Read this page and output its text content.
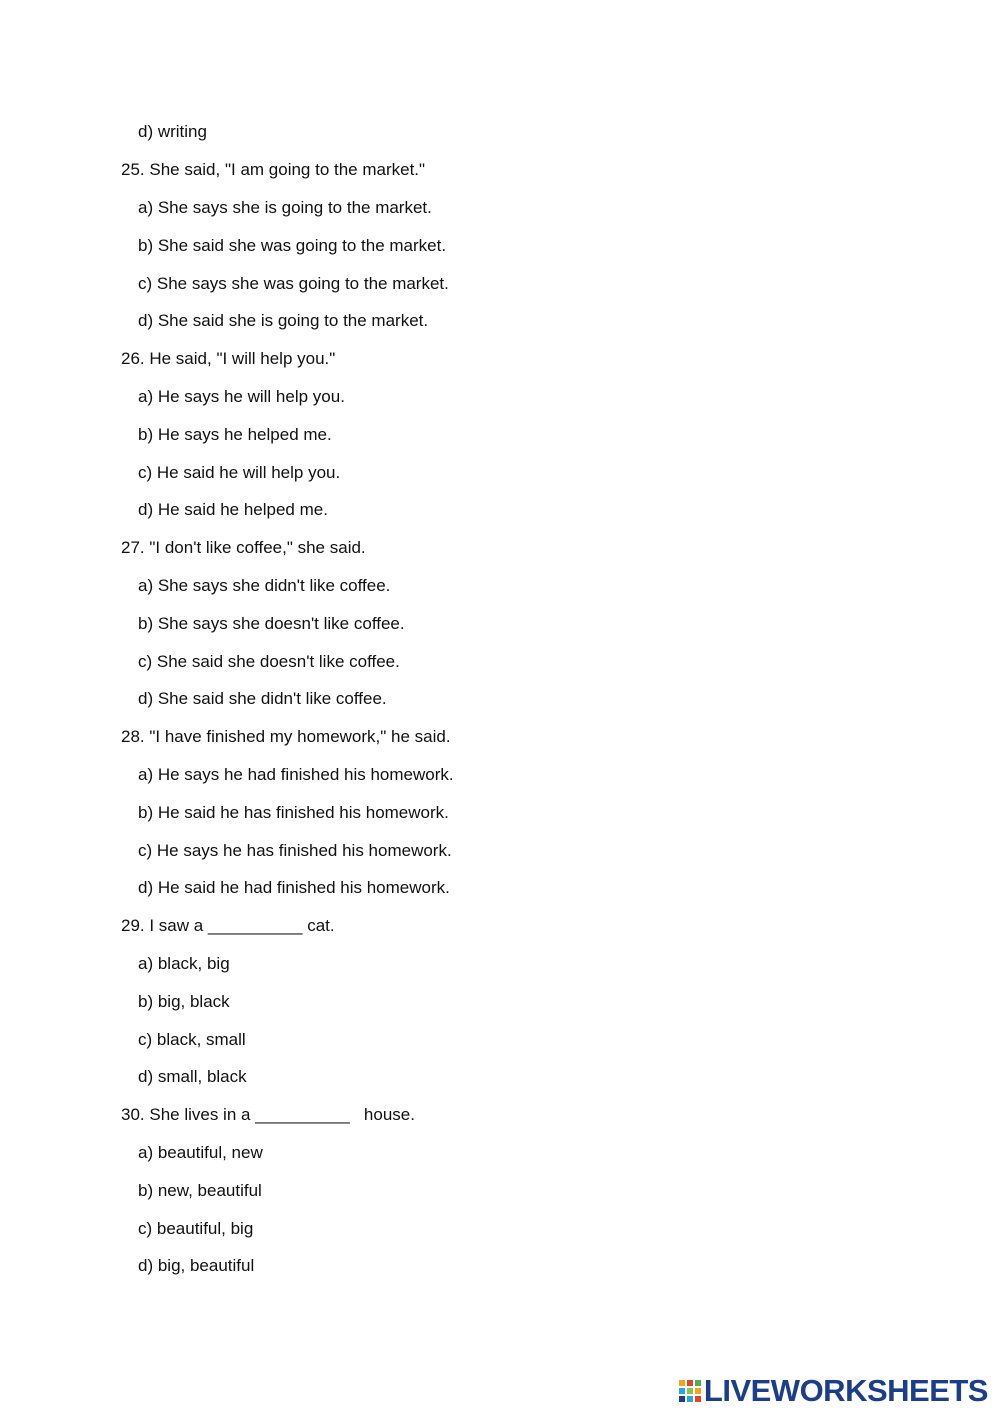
d) writing
25. She said, "I am going to the market."
a) She says she is going to the market.
b) She said she was going to the market.
c) She says she was going to the market.
d) She said she is going to the market.
26. He said, "I will help you."
a) He says he will help you.
b) He says he helped me.
c) He said he will help you.
d) He said he helped me.
27. "I don't like coffee," she said.
a) She says she didn't like coffee.
b) She says she doesn't like coffee.
c) She said she doesn't like coffee.
d) She said she didn't like coffee.
28. "I have finished my homework," he said.
a) He says he had finished his homework.
b) He said he has finished his homework.
c) He says he has finished his homework.
d) He said he had finished his homework.
29. I saw a __________ cat.
a) black, big
b) big, black
c) black, small
d) small, black
30. She lives in a __________   house.
a) beautiful, new
b) new, beautiful
c) beautiful, big
d) big, beautiful
LIVEWORKSHEETS
